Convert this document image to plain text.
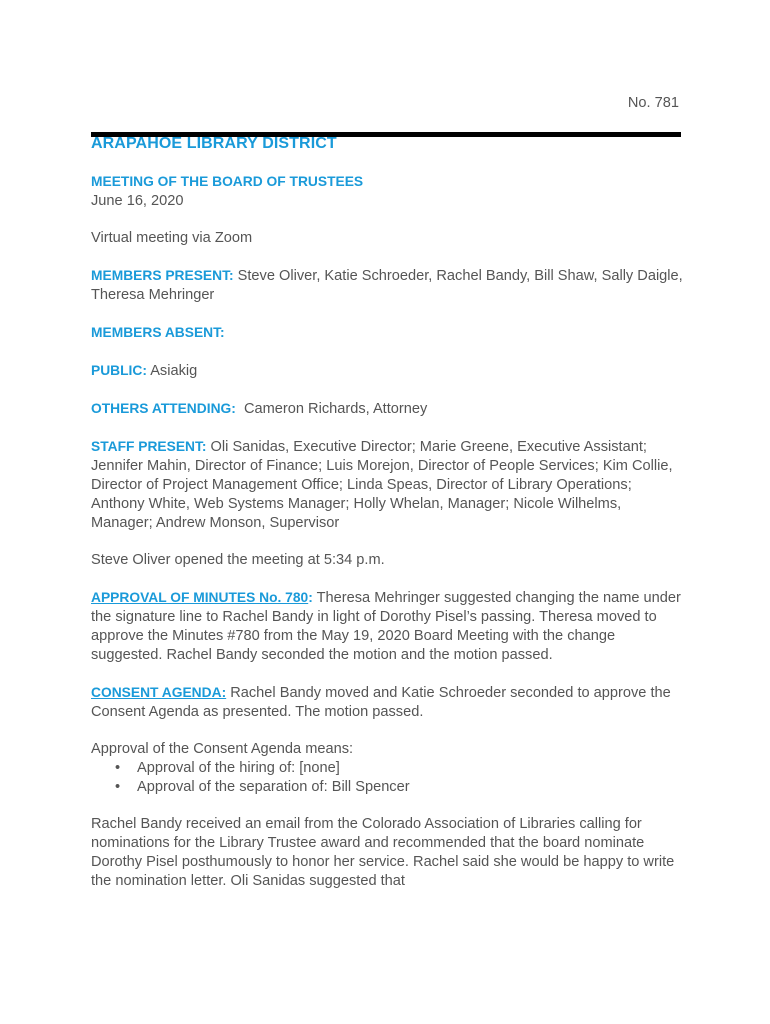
No. 781
ARAPAHOE LIBRARY DISTRICT

MEETING OF THE BOARD OF TRUSTEES
June 16, 2020

Virtual meeting via Zoom

MEMBERS PRESENT: Steve Oliver, Katie Schroeder, Rachel Bandy, Bill Shaw, Sally Daigle, Theresa Mehringer

MEMBERS ABSENT:

PUBLIC: Asiakig

OTHERS ATTENDING:  Cameron Richards, Attorney

STAFF PRESENT: Oli Sanidas, Executive Director; Marie Greene, Executive Assistant; Jennifer Mahin, Director of Finance; Luis Morejon, Director of People Services; Kim Collie, Director of Project Management Office; Linda Speas, Director of Library Operations; Anthony White, Web Systems Manager; Holly Whelan, Manager; Nicole Wilhelms, Manager; Andrew Monson, Supervisor

Steve Oliver opened the meeting at 5:34 p.m.

APPROVAL OF MINUTES No. 780: Theresa Mehringer suggested changing the name under the signature line to Rachel Bandy in light of Dorothy Pisel’s passing. Theresa moved to approve the Minutes #780 from the May 19, 2020 Board Meeting with the change suggested. Rachel Bandy seconded the motion and the motion passed.

CONSENT AGENDA: Rachel Bandy moved and Katie Schroeder seconded to approve the Consent Agenda as presented. The motion passed.

Approval of the Consent Agenda means:

• Approval of the hiring of: [none]
• Approval of the separation of: Bill Spencer

Rachel Bandy received an email from the Colorado Association of Libraries calling for nominations for the Library Trustee award and recommended that the board nominate Dorothy Pisel posthumously to honor her service. Rachel said she would be happy to write the nomination letter. Oli Sanidas suggested that
